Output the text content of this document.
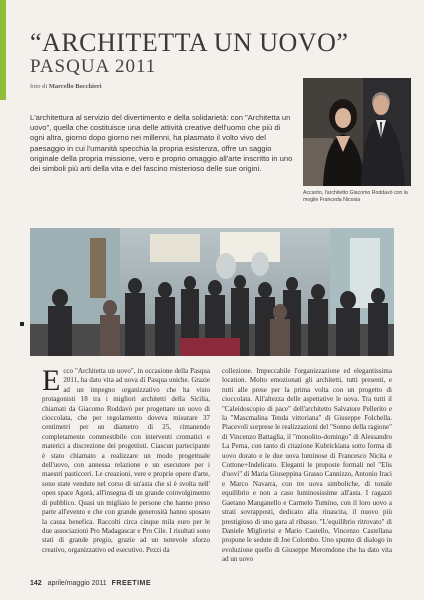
“ARCHITETTA UN UOVO”
PASQUA 2011
foto di Marcello Bocchieri
L'architettura al servizio del divertimento e della solidarietà: con "Architetta un uovo", quella che costituisce una delle attività creative dell'uomo che più di ogni altra, giorno dopo giorno nei millenni, ha plasmato il volto vivo del paesaggio in cui l'umanità specchia la propria esistenza, offre un saggio originale della propria missione, vero e proprio omaggio all'arte inscritto in uno dei simboli più arti della vita e del fascino misterioso delle sue origini.
Accanto, l'architetto Giacomo Roddavò con la moglie Franceda Nicosia

Ecco "Architetta un uovo", in occasione della Pasqua 2011, ha dato vita ad uova di Pasqua uniche. Grazie ad un impegno organizzativo che ha visto protagonisti 18 tra i migliori architetti della Sicilia, chiamati da Giacomo Roddavò per progettare un uovo di cioccolata, che per regolamento doveva misurare 37 centimetri per un diametro di 25, rimanendo completamente commestibile con interventi cromatici e materici a discrezione dei progettisti. Ciascun partecipante è stato chiamato a realizzare un modo progettuale dell'uovo, con annessa relazione e un esecutore per i maestri pasticceri. Le creazioni, vere e proprie opere d'arte, sono state vendute nel corso di un'asta che si è svolta nell' open space Agorà, all'insegna di un grande coinvolgimento di pubblico. Quasi un migliaio le persone che hanno preso parte all'evento e che con grande generosità hanno sposato la causa benefica. Raccolti circa cinque mila euro per le due associazioni Pro Madagascar e Pro Cile. I risultati sono stati di grande pregio, grazie ad un notevole sforzo creativo, organizzativo ed esecutivo. Pezzi da

collezione. Impeccabile l'organizzazione ed elegantissima location. Molto emozionati gli architetti, tutti presenti, e tutti alle prese per la prima volta con un progetto di cioccolata. All'altezza delle aspettative le uova. Tra tutti il "Caleidoscopio di pace" dell'architetto Salvatore Pellerito e la "Mascmalina Tenda vittoriana" di Giuseppe Folchella. Piacevoli sorprese le realizzazioni del "Sonno della ragione" di Vincenzo Battaglia, il "monolito-domingo" di Alessandro La Perna, con tanto di citazione Kubrickiana sotto forma di uovo dorato e le due uova luminose di Francesco Nicita e Cottone+Indelicato. Eleganti le proposte formali nel "Elis d'uovi" di Maria Giuseppina Grasso Cannizzo, Antonio Iraci e Marco Navarra, con tre uova simboliche, di tonale equilibrio e non a caso luminosissime all'asta. I ragazzi Gaetano Manganello e Carmelo Tumino, con il loro uovo a strati sovrapposti, dedicato alla rinascita, il nuovo più prestigioso di uno gara al ribasso. "L'equilibrio ritrovato" di Daniele Migliorisi e Mario Castello, Vincenzo Castellana propone le sedute di Joe Colombo. Uno spunto di dialogo in evoluzione quello di Giuseppe Meromdone che ha dato vita ad un uovo

142 aprile/maggio 2011 FREETIME
